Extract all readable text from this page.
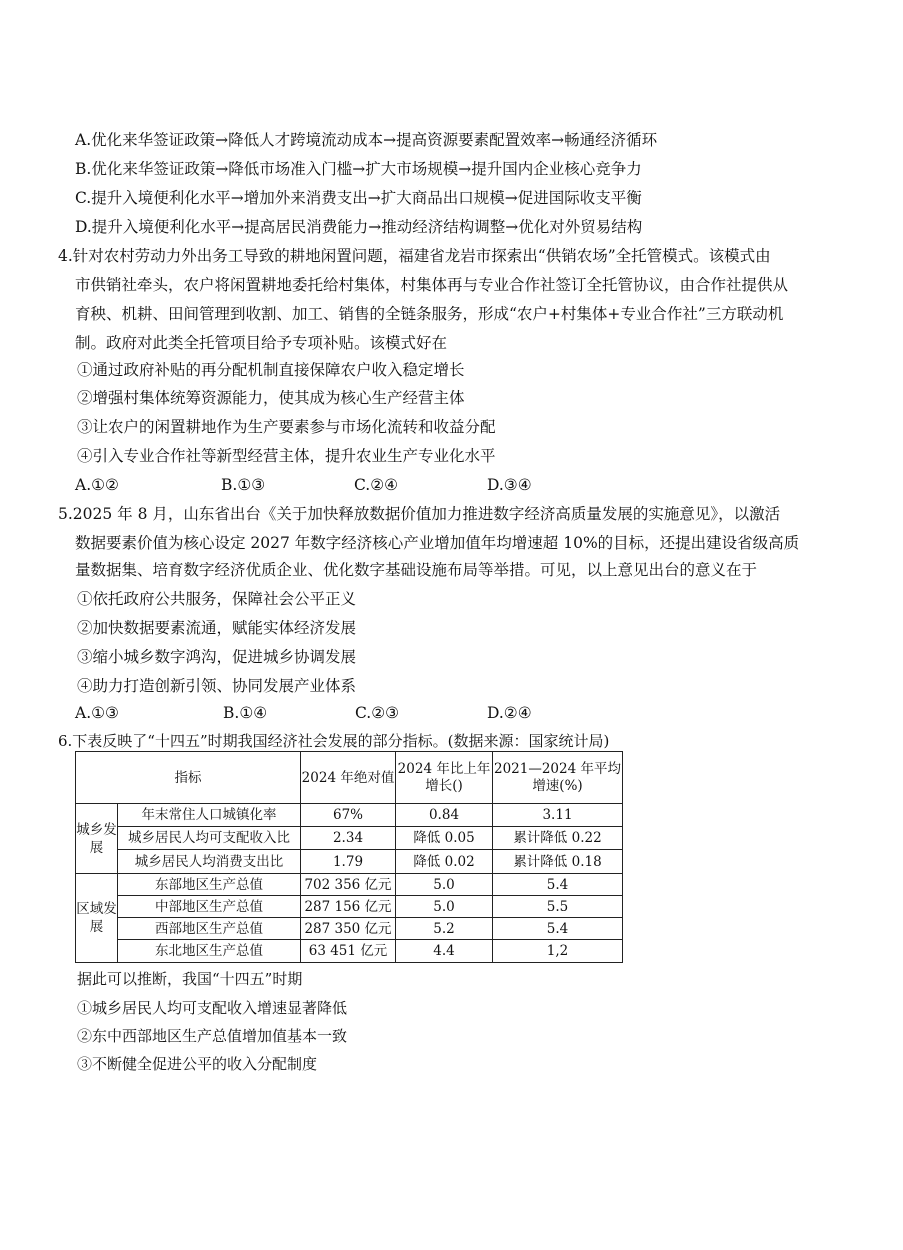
A.优化来华签证政策→降低人才跨境流动成本→提高资源要素配置效率→畅通经济循环
B.优化来华签证政策→降低市场准入门槛→扩大市场规模→提升国内企业核心竞争力
C.提升入境便利化水平→增加外来消费支出→扩大商品出口规模→促进国际收支平衡
D.提升入境便利化水平→提高居民消费能力→推动经济结构调整→优化对外贸易结构
4.针对农村劳动力外出务工导致的耕地闲置问题，福建省龙岩市探索出“供销农场”全托管模式。该模式由
市供销社牵头，农户将闲置耕地委托给村集体，村集体再与专业合作社签订全托管协议，由合作社提供从
育秧、机耕、田间管理到收割、加工、销售的全链条服务，形成“农户+村集体+专业合作社”三方联动机
制。政府对此类全托管项目给予专项补贴。该模式好在
①通过政府补贴的再分配机制直接保障农户收入稳定增长
②增强村集体统筹资源能力，使其成为核心生产经营主体
③让农户的闲置耕地作为生产要素参与市场化流转和收益分配
④引入专业合作社等新型经营主体，提升农业生产专业化水平
A.①②	B.①③	C.②④	D.③④
5.2025 年 8 月，山东省出台《关于加快释放数据价值加力推进数字经济高质量发展的实施意见》，以激活
数据要素价值为核心设定 2027 年数字经济核心产业增加值年均增速超 10%的目标，还提出建设省级高质
量数据集、培育数字经济优质企业、优化数字基础设施布局等举措。可见，以上意见出台的意义在于
①依托政府公共服务，保障社会公平正义
②加快数据要素流通，赋能实体经济发展
③缩小城乡数字鸿沟，促进城乡协调发展
④助力打造创新引领、协同发展产业体系
A.①③	B.①④	C.②③	D.②④
6.下表反映了“十四五”时期我国经济社会发展的部分指标。(数据来源：国家统计局)
指标		2024 年绝对值	2024 年比上年增长()	2021—2024 年平均增速(%)
城乡发展	年末常住人口城镇化率	67%	0.84	3.11
	城乡居民人均可支配收入比	2.34	降低 0.05	累计降低 0.22
	城乡居民人均消费支出比	1.79	降低 0.02	累计降低 0.18
区域发展	东部地区生产总值	702 356 亿元	5.0	5.4
	中部地区生产总值	287 156 亿元	5.0	5.5
	西部地区生产总值	287 350 亿元	5.2	5.4
	东北地区生产总值	63 451 亿元	4.4	1,2
据此可以推断，我国“十四五”时期
①城乡居民人均可支配收入增速显著降低
②东中西部地区生产总值增加值基本一致
③不断健全促进公平的收入分配制度
